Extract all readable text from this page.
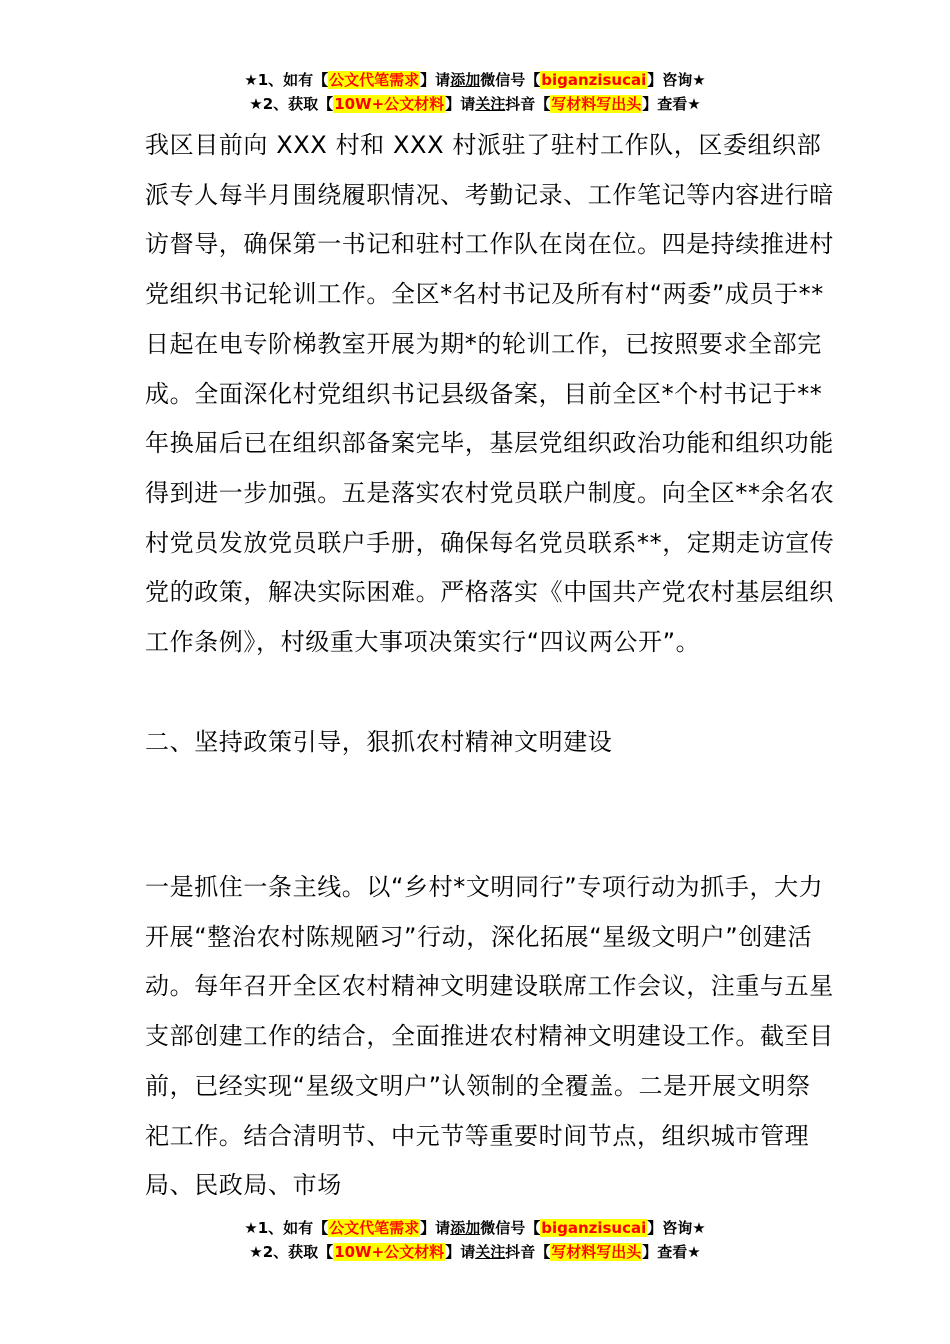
★1、如有【公文代笔需求】请添加微信号【biganzisucai】咨询★
★2、获取【10W+公文材料】请关注抖音【写材料写出头】查看★

我区目前向 XXX 村和 XXX 村派驻了驻村工作队，区委组织部派专人每半月围绕履职情况、考勤记录、工作笔记等内容进行暗访督导，确保第一书记和驻村工作队在岗在位。四是持续推进村党组织书记轮训工作。全区*名村书记及所有村“两委”成员于**日起在电专阶梯教室开展为期*的轮训工作，已按照要求全部完成。全面深化村党组织书记县级备案，目前全区*个村书记于**年换届后已在组织部备案完毕，基层党组织政治功能和组织功能得到进一步加强。五是落实农村党员联户制度。向全区**余名农村党员发放党员联户手册，确保每名党员联系**，定期走访宣传党的政策，解决实际困难。严格落实《中国共产党农村基层组织工作条例》，村级重大事项决策实行“四议两公开”。

二、坚持政策引导，狠抓农村精神文明建设

一是抓住一条主线。以“乡村*文明同行”专项行动为抓手，大力开展“整治农村陈规陋习”行动，深化拓展“星级文明户”创建活动。每年召开全区农村精神文明建设联席工作会议，注重与五星支部创建工作的结合，全面推进农村精神文明建设工作。截至目前，已经实现“星级文明户”认领制的全覆盖。二是开展文明祭祀工作。结合清明节、中元节等重要时间节点，组织城市管理局、民政局、市场

★1、如有【公文代笔需求】请添加微信号【biganzisucai】咨询★
★2、获取【10W+公文材料】请关注抖音【写材料写出头】查看★
